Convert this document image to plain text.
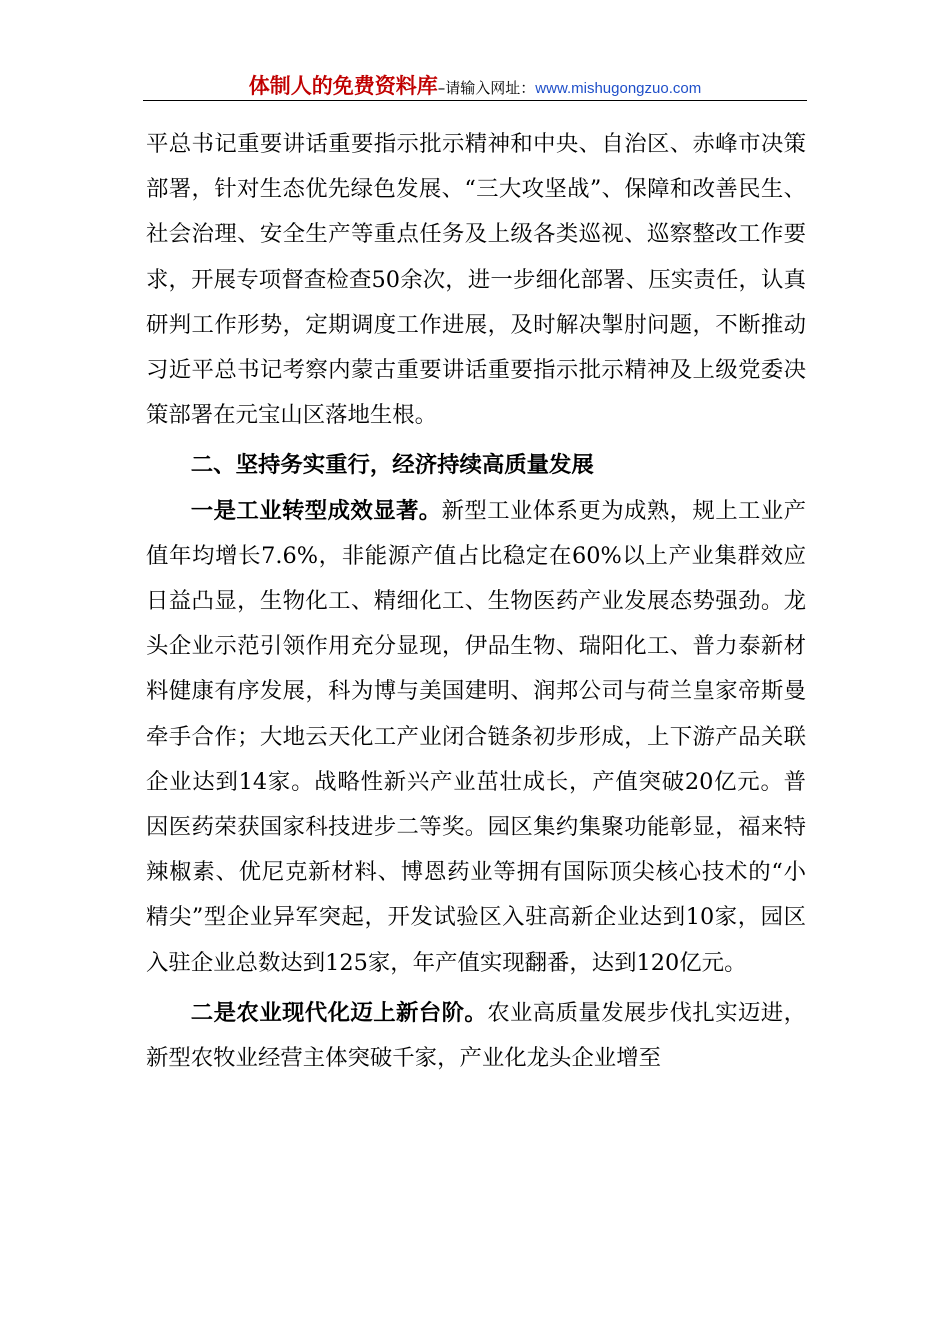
体制人的免费资料库–请输入网址：www.mishugongzuo.com

平总书记重要讲话重要指示批示精神和中央、自治区、赤峰市决策部署，针对生态优先绿色发展、“三大攻坚战”、保障和改善民生、社会治理、安全生产等重点任务及上级各类巡视、巡察整改工作要求，开展专项督查检查50余次，进一步细化部署、压实责任，认真研判工作形势，定期调度工作进展，及时解决掣肘问题，不断推动习近平总书记考察内蒙古重要讲话重要指示批示精神及上级党委决策部署在元宝山区落地生根。

二、坚持务实重行，经济持续高质量发展

一是工业转型成效显著。新型工业体系更为成熟，规上工业产值年均增长7.6%，非能源产值占比稳定在60%以上产业集群效应日益凸显，生物化工、精细化工、生物医药产业发展态势强劲。龙头企业示范引领作用充分显现，伊品生物、瑞阳化工、普力泰新材料健康有序发展，科为博与美国建明、润邦公司与荷兰皇家帝斯曼牵手合作；大地云天化工产业闭合链条初步形成，上下游产品关联企业达到14家。战略性新兴产业茁壮成长，产值突破20亿元。普因医药荣获国家科技进步二等奖。园区集约集聚功能彰显，福来特辣椒素、优尼克新材料、博恩药业等拥有国际顶尖核心技术的“小精尖”型企业异军突起，开发试验区入驻高新企业达到10家，园区入驻企业总数达到125家，年产值实现翻番，达到120亿元。

二是农业现代化迈上新台阶。农业高质量发展步伐扎实迈进，新型农牧业经营主体突破千家，产业化龙头企业增至
